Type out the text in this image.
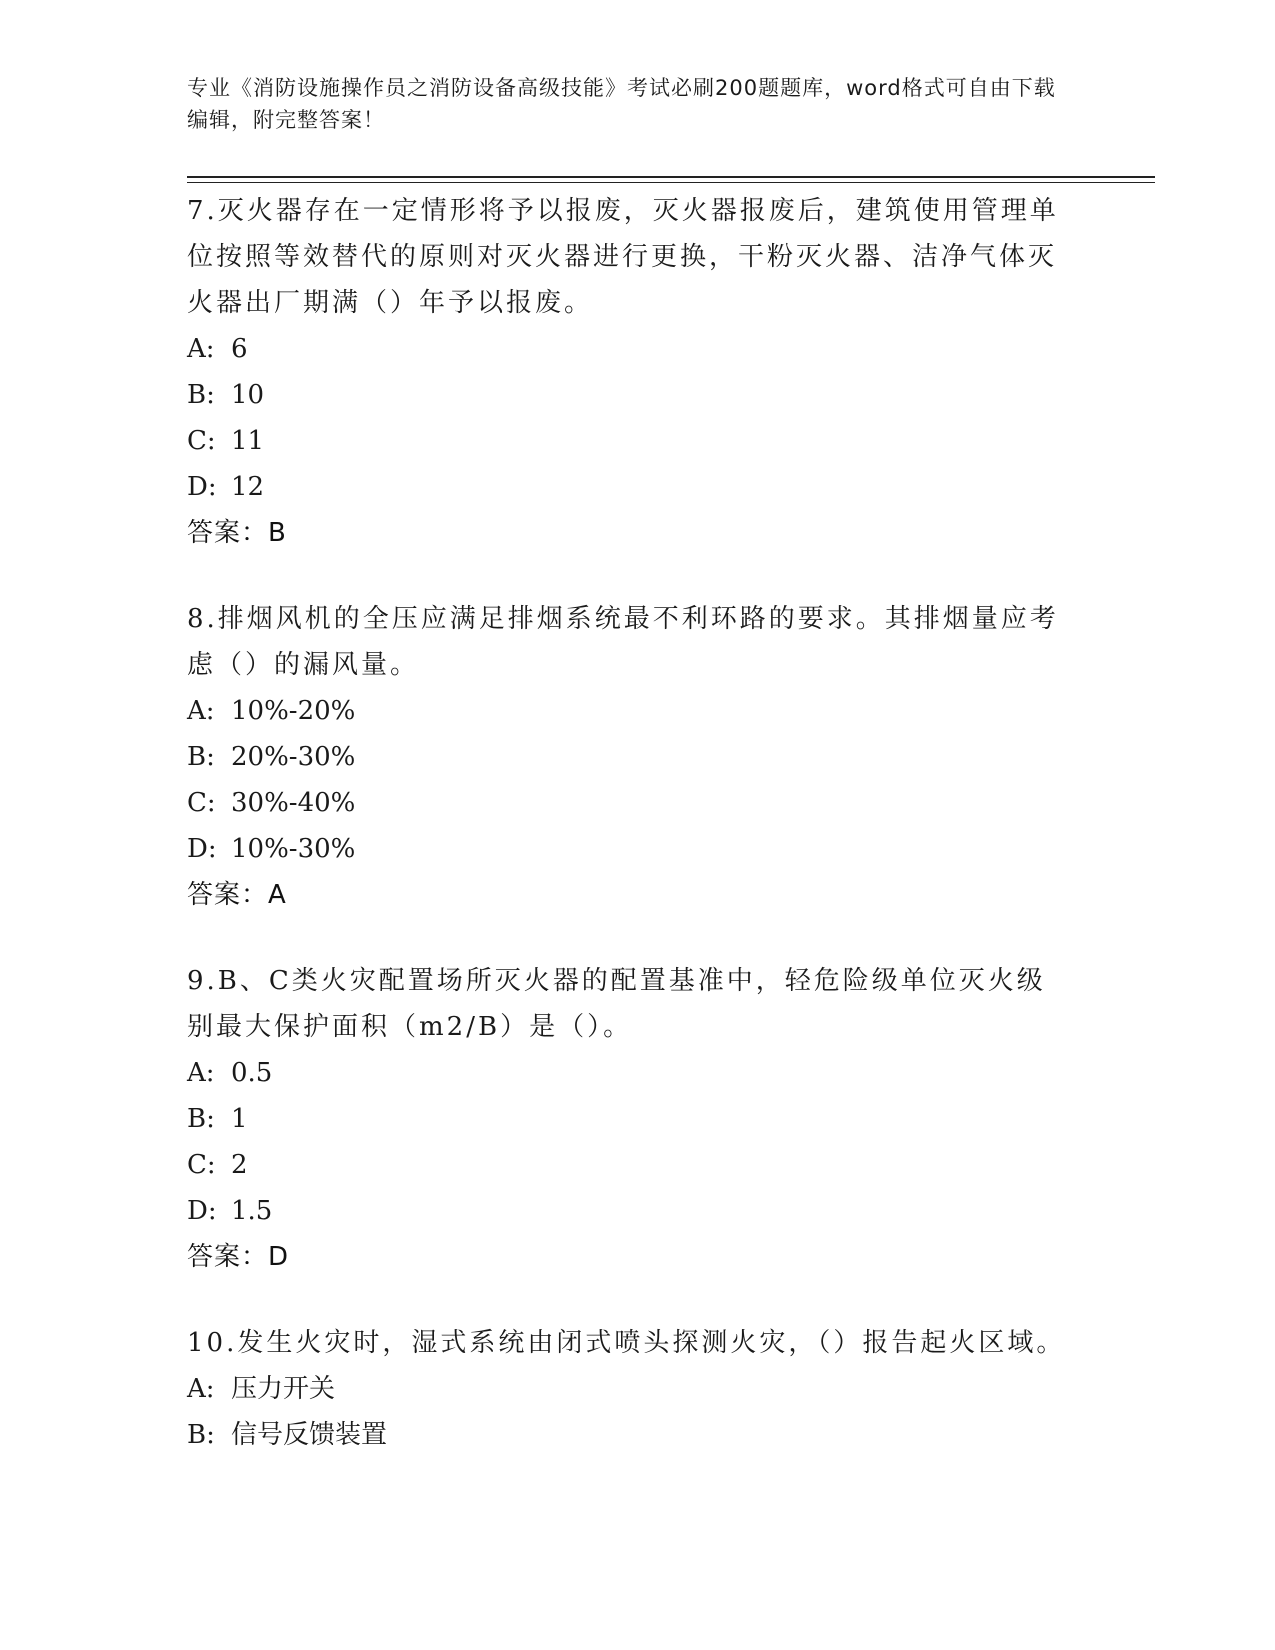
专业《消防设施操作员之消防设备高级技能》考试必刷200题题库，word格式可自由下载编辑，附完整答案！

7.灭火器存在一定情形将予以报废，灭火器报废后，建筑使用管理单位按照等效替代的原则对灭火器进行更换，干粉灭火器、洁净气体灭火器出厂期满（）年予以报废。

A: 6
B: 10
C: 11
D: 12
答案：B

8.排烟风机的全压应满足排烟系统最不利环路的要求。其排烟量应考虑（）的漏风量。

A: 10%-20%
B: 20%-30%
C: 30%-40%
D: 10%-30%
答案：A

9.B、C类火灾配置场所灭火器的配置基准中，轻危险级单位灭火级别最大保护面积（m2/B）是（）。

A: 0.5
B: 1
C: 2
D: 1.5
答案：D

10.发生火灾时，湿式系统由闭式喷头探测火灾，（）报告起火区域。

A: 压力开关
B: 信号反馈装置
